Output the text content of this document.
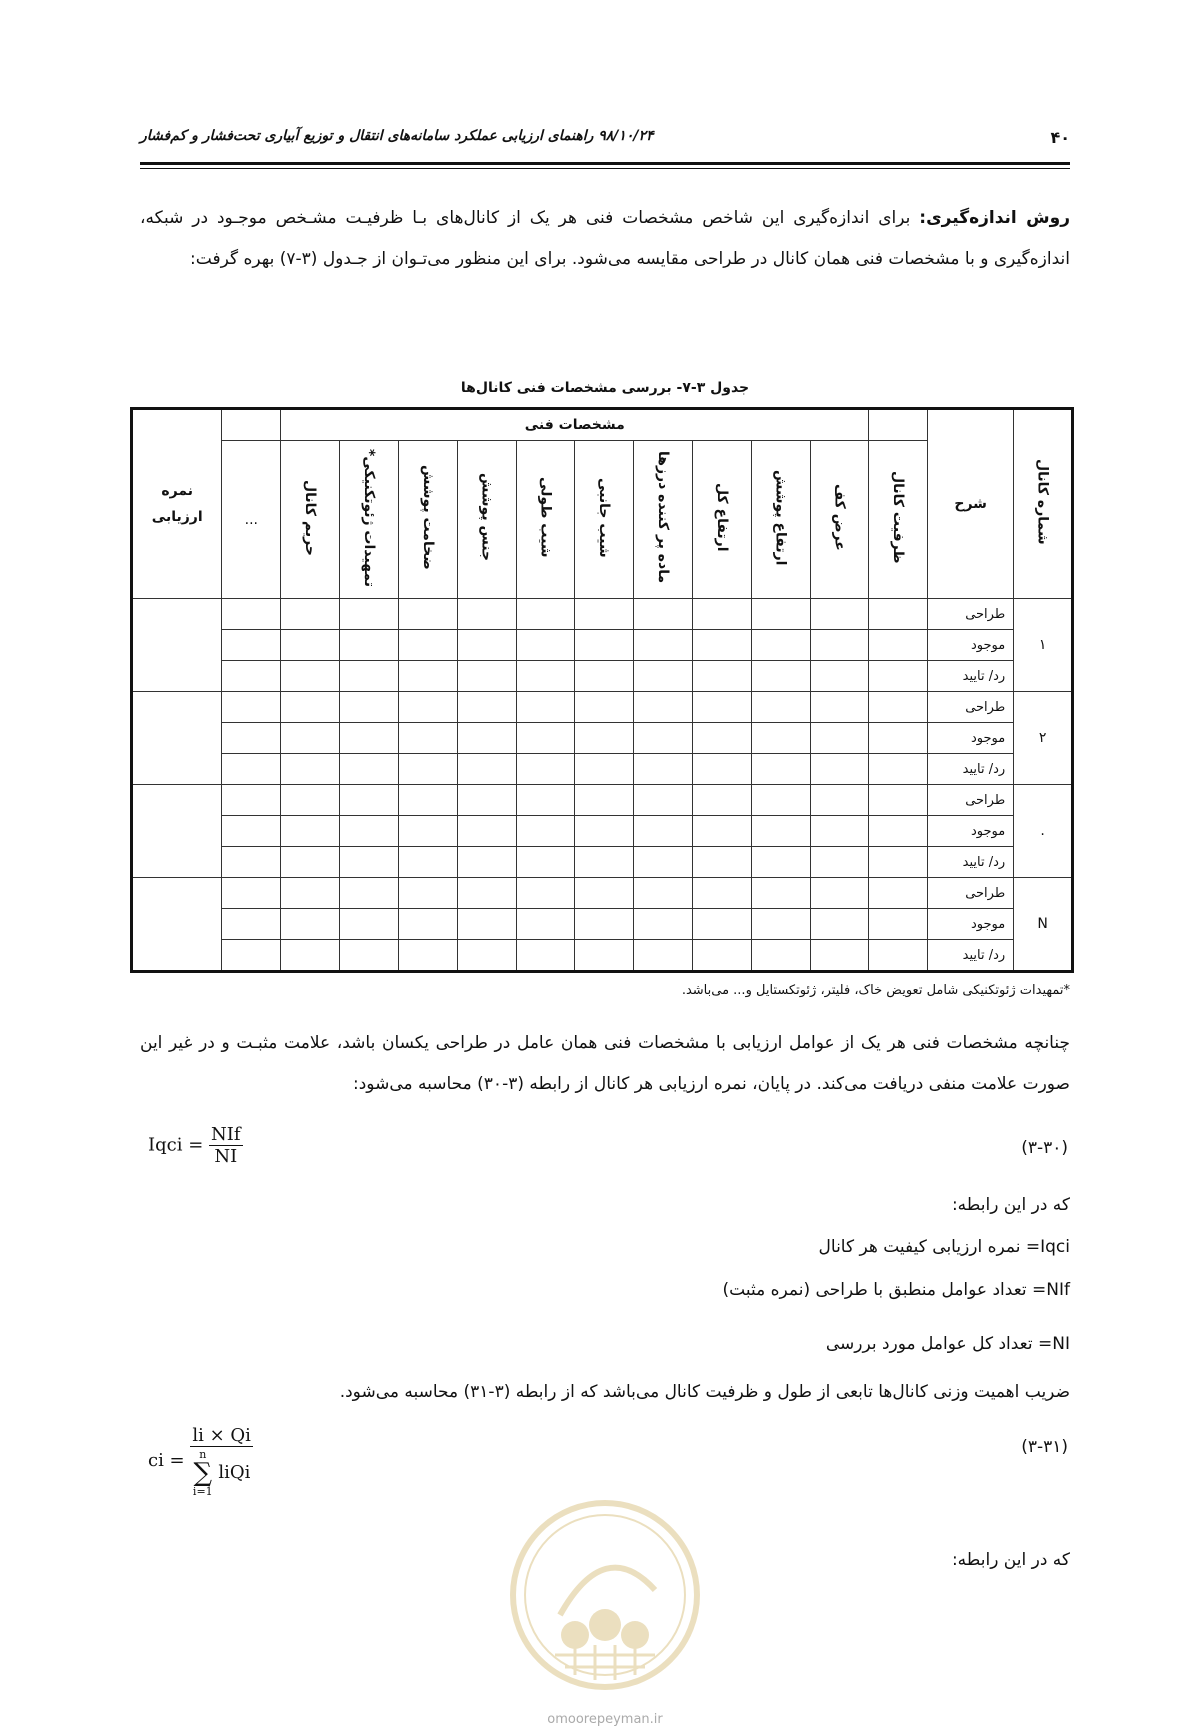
۴۰
۹۸/۱۰/۲۴ راهنمای ارزیابی عملکرد سامانه‌های انتقال و توزیع آبیاری تحت‌فشار و کم‌فشار
روش اندازه‌گیری: برای اندازه‌گیری این شاخص مشخصات فنی هر یک از کانال‌های بـا ظرفیـت مشـخص موجـود در شبکه، اندازه‌گیری و با مشخصات فنی همان کانال در طراحی مقایسه می‌شود. برای این منظور می‌تـوان از جـدول (۳-۷) بهره گرفت:
جدول ۳-۷- بررسی مشخصات فنی کانال‌ها
شماره کانال	شرح		مشخصات فنی											نمره ارزیابی
		ظرفیت کانال	عرض کف	ارتفاع پوشش	ارتفاع کل	ماده پر کننده درزها	شیب جانبی	شیب طولی	جنس پوشش	ضخامت پوشش	تمهیدات ژئوتکنیکی*	حریم کانال	...	
۱	طراحی													
	موجود													
	رد/ تایید													
۲	طراحی													
	موجود													
	رد/ تایید													
.	طراحی													
	موجود													
	رد/ تایید													
N	طراحی													
	موجود													
	رد/ تایید													
*تمهیدات ژئوتکنیکی شامل تعویض خاک، فلیتر، ژئوتکستایل و... می‌باشد.
چنانچه مشخصات فنی هر یک از عوامل ارزیابی با مشخصات فنی همان عامل در طراحی یکسان باشد، علامت مثبـت و در غیر این صورت علامت منفی دریافت می‌کند. در پایان، نمره ارزیابی هر کانال از رابطه (۳-۳۰) محاسبه می‌شود:
Iqci = $\frac{\text{NIf}}{NI}$	(۳-۳۰)
که در این رابطه:
Iqci= نمره ارزیابی کیفیت هر کانال
NIf= تعداد عوامل منطبق با طراحی (نمره مثبت)
NI= تعداد کل عوامل مورد بررسی
ضریب اهمیت وزنی کانال‌ها تابعی از طول و ظرفیت کانال می‌باشد که از رابطه (۳-۳۱) محاسبه می‌شود.
ci = li × Qi
n
∑
i=1
liQi	(۳-۳۱)
که در این رابطه:
omoorepeyman.ir
